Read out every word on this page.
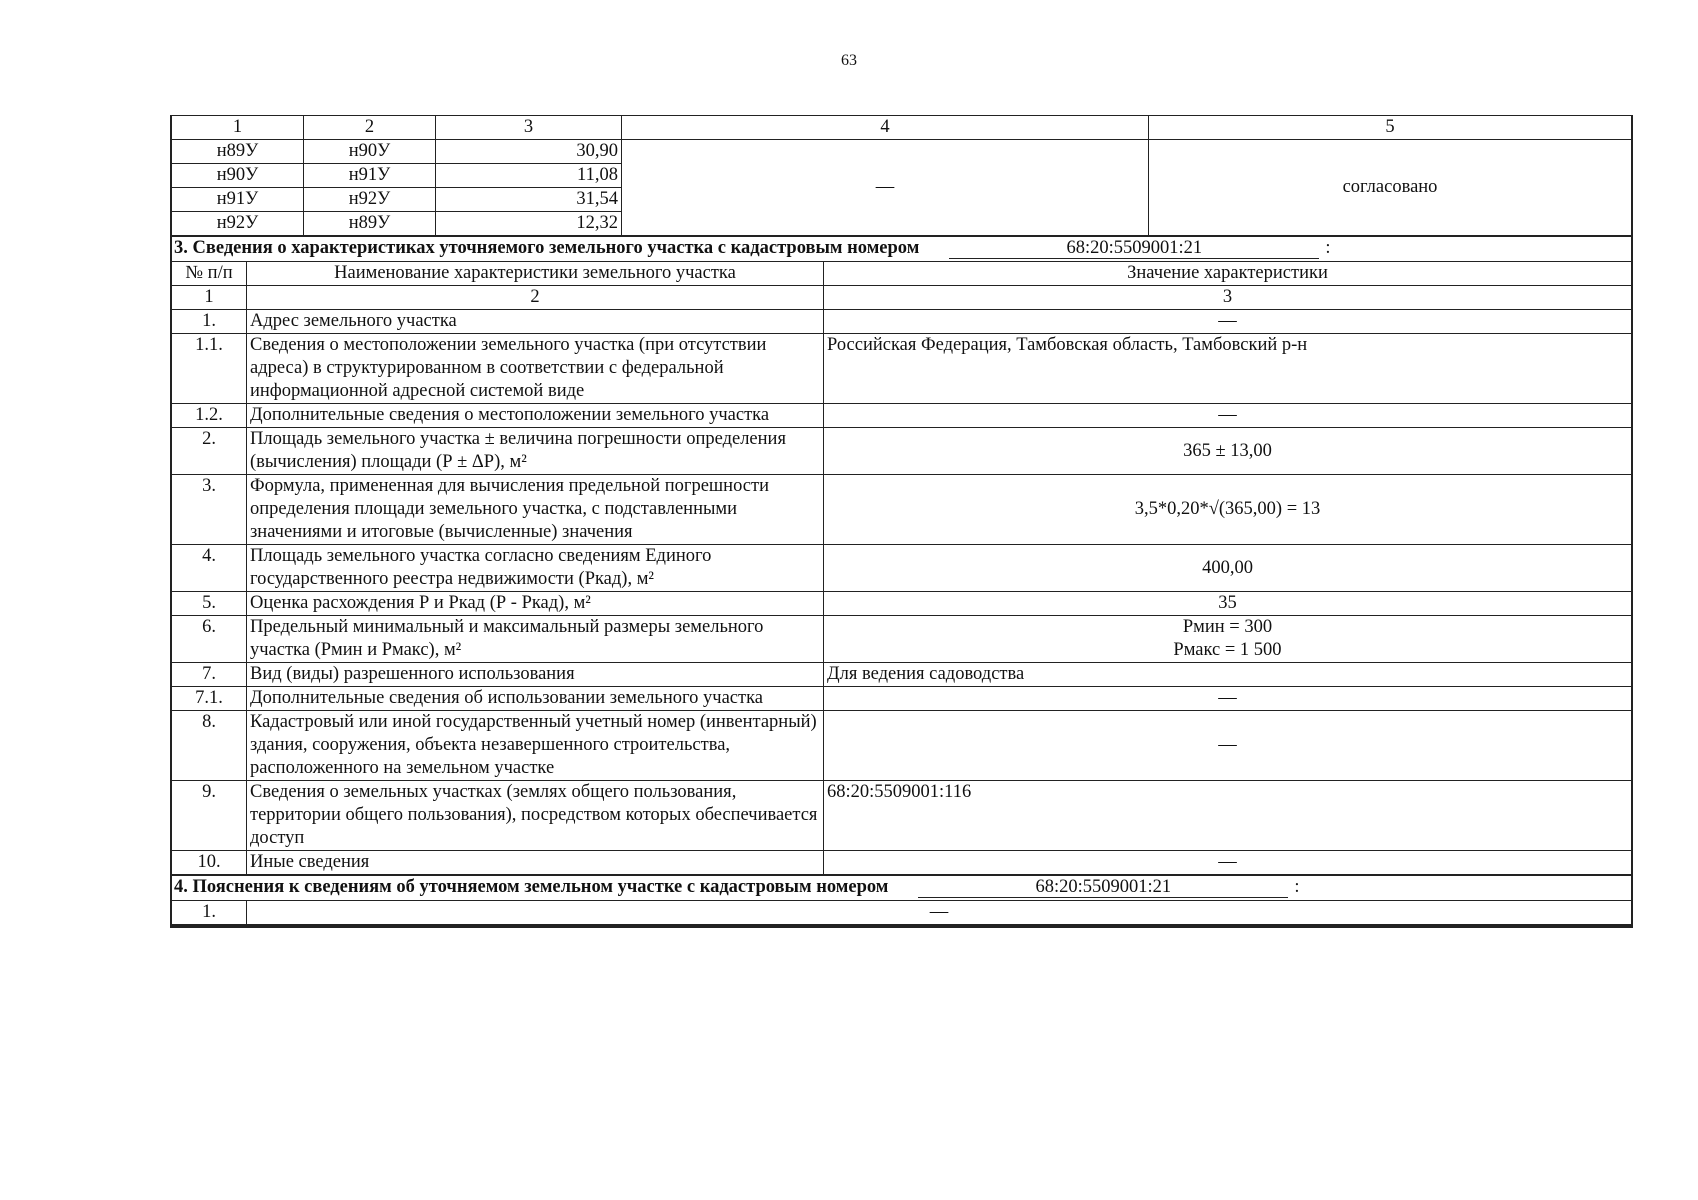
63
1	2	3	4	5
н89У	н90У	30,90	—	согласовано
н90У	н91У	11,08		
н91У	н92У	31,54		
н92У	н89У	12,32		
3. Сведения о характеристиках уточняемого земельного участка с кадастровым номером 68:20:5509001:21 :		
№ п/п	Наименование характеристики земельного участка	Значение характеристики
1	2	3
1.	Адрес земельного участка	—
1.1.	Сведения о местоположении земельного участка (при отсутствии адреса) в структурированном в соответствии с федеральной информационной адресной системой виде	Российская Федерация, Тамбовская область, Тамбовский р-н
1.2.	Дополнительные сведения о местоположении земельного участка	—
2.	Площадь земельного участка ± величина погрешности определения (вычисления) площади (Р ± ΔР), м²	365 ± 13,00
3.	Формула, примененная для вычисления предельной погрешности определения площади земельного участка, с подставленными значениями и итоговые (вычисленные) значения	3,5*0,20*√(365,00) = 13
4.	Площадь земельного участка согласно сведениям Единого государственного реестра недвижимости (Ркад), м²	400,00
5.	Оценка расхождения Р и Ркад (Р - Ркад), м²	35
6.	Предельный минимальный и максимальный размеры земельного участка (Рмин и Рмакс), м²	Рмин = 300
Рмакс = 1 500

7.	Вид (виды) разрешенного использования	Для ведения садоводства
7.1.	Дополнительные сведения об использовании земельного участка	—
8.	Кадастровый или иной государственный учетный номер (инвентарный) здания, сооружения, объекта незавершенного строительства, расположенного на земельном участке	—
9.	Сведения о земельных участках (землях общего пользования, территории общего пользования), посредством которых обеспечивается доступ	68:20:5509001:116
10.	Иные сведения	—
4. Пояснения к сведениям об уточняемом земельном участке с кадастровым номером	68:20:5509001:21	:
1.	—
